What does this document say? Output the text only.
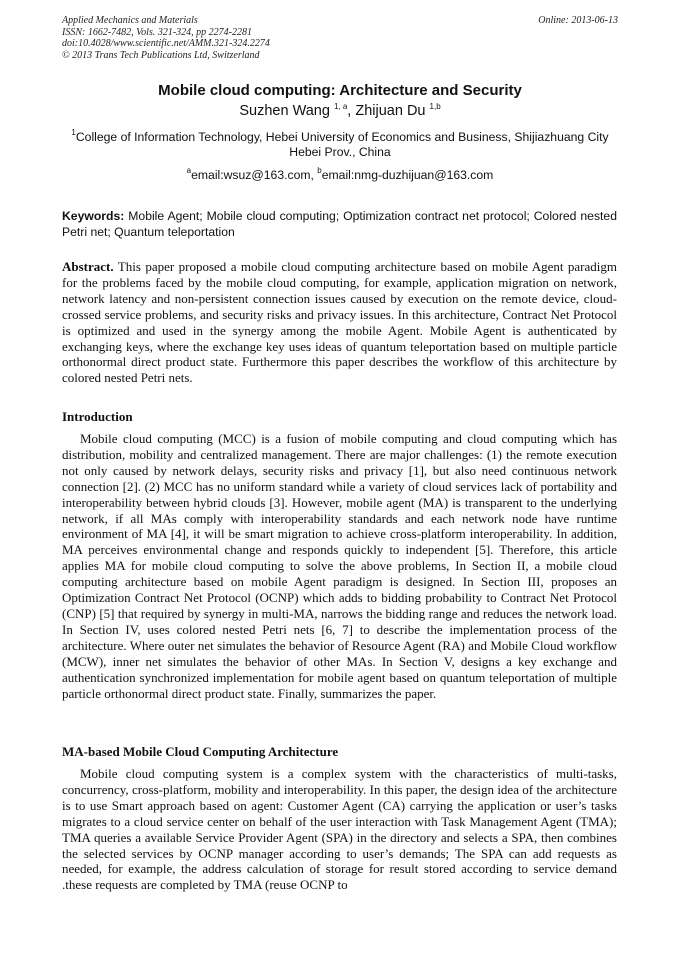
Applied Mechanics and Materials
ISSN: 1662-7482, Vols. 321-324, pp 2274-2281
doi:10.4028/www.scientific.net/AMM.321-324.2274
© 2013 Trans Tech Publications Ltd, Switzerland
Online: 2013-06-13
Mobile cloud computing: Architecture and Security
Suzhen Wang $^{1, a}$, Zhijuan Du $^{1,b}$
$^1$College of Information Technology, Hebei University of Economics and Business, Shijiazhuang City Hebei Prov., China
$^a$email:wsuz@163.com, $^b$email:nmg-duzhijuan@163.com
Keywords: Mobile Agent; Mobile cloud computing; Optimization contract net protocol; Colored nested Petri net; Quantum teleportation
Abstract. This paper proposed a mobile cloud computing architecture based on mobile Agent paradigm for the problems faced by the mobile cloud computing, for example, application migration on network, network latency and non-persistent connection issues caused by execution on the remote device, cloud-crossed service problems, and security risks and privacy issues. In this architecture, Contract Net Protocol is optimized and used in the synergy among the mobile Agent. Mobile Agent is authenticated by exchanging keys, where the exchange key uses ideas of quantum teleportation based on multiple particle orthonormal direct product state. Furthermore this paper describes the workflow of this architecture by colored nested Petri nets.
Introduction
Mobile cloud computing (MCC) is a fusion of mobile computing and cloud computing which has distribution, mobility and centralized management. There are major challenges: (1) the remote execution not only caused by network delays, security risks and privacy [1], but also need continuous network connection [2]. (2) MCC has no uniform standard while a variety of cloud services lack of portability and interoperability between hybrid clouds [3]. However, mobile agent (MA) is transparent to the underlying network, if all MAs comply with interoperability standards and each network node have runtime environment of MA [4], it will be smart migration to achieve cross-platform interoperability. In addition, MA perceives environmental change and responds quickly to independent [5]. Therefore, this article applies MA for mobile cloud computing to solve the above problems, In Section II, a mobile cloud computing architecture based on mobile Agent paradigm is designed. In Section III, proposes an Optimization Contract Net Protocol (OCNP) which adds to bidding probability to Contract Net Protocol (CNP) [5] that required by synergy in multi-MA, narrows the bidding range and reduces the network load. In Section IV, uses colored nested Petri nets [6, 7] to describe the implementation process of the architecture. Where outer net simulates the behavior of Resource Agent (RA) and Mobile Cloud workflow (MCW), inner net simulates the behavior of other MAs. In Section V, designs a key exchange and authentication synchronized implementation for mobile agent based on quantum teleportation of multiple particle orthonormal direct product state. Finally, summarizes the paper.
MA-based Mobile Cloud Computing Architecture
Mobile cloud computing system is a complex system with the characteristics of multi-tasks, concurrency, cross-platform, mobility and interoperability. In this paper, the design idea of the architecture is to use Smart approach based on agent: Customer Agent (CA) carrying the application or user’s tasks migrates to a cloud service center on behalf of the user interaction with Task Management Agent (TMA); TMA queries a available Service Provider Agent (SPA) in the directory and selects a SPA, then combines the selected services by OCNP manager according to user’s demands; The SPA can add requests as needed, for example, the address calculation of storage for result stored according to service demand .these requests are completed by TMA (reuse OCNP to
